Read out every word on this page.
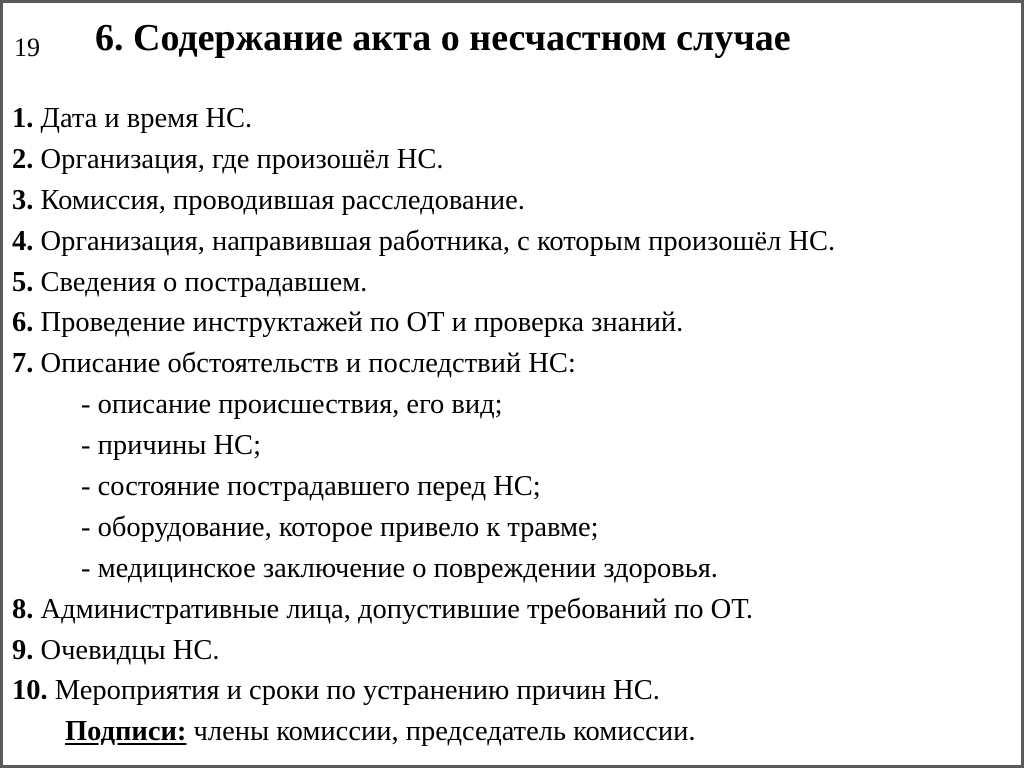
19 6. Содержание акта о несчастном случае
1. Дата и время НС.
2. Организация, где произошёл НС.
3. Комиссия, проводившая расследование.
4. Организация, направившая работника, с которым произошёл НС.
5. Сведения о пострадавшем.
6. Проведение инструктажей по ОТ и проверка знаний.
7. Описание обстоятельств и последствий НС:
- описание происшествия, его вид;
- причины НС;
- состояние пострадавшего перед НС;
- оборудование, которое привело к травме;
- медицинское заключение о повреждении здоровья.
8. Административные лица, допустившие требований по ОТ.
9. Очевидцы НС.
10. Мероприятия и сроки по устранению причин НС.
Подписи: члены комиссии, председатель комиссии.
